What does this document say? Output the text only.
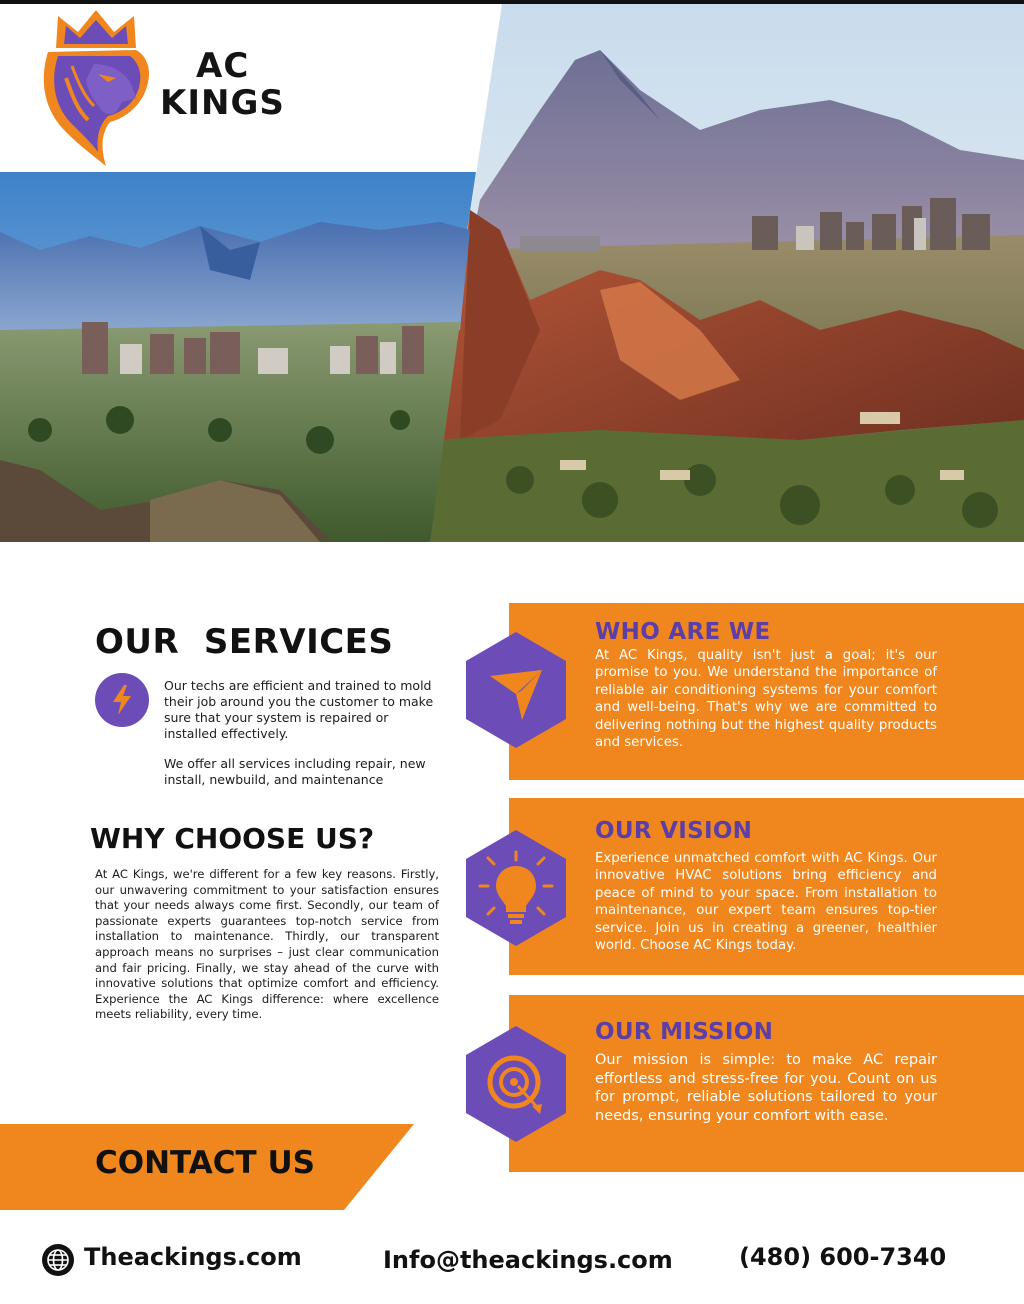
AC
KINGS
OUR  SERVICES

Our techs are efficient and trained to mold their job around you the customer to make sure that your system is repaired or installed effectively.

We offer all services including repair, new install, newbuild, and maintenance

WHY CHOOSE US?

At AC Kings, we're different for a few key reasons. Firstly, our unwavering commitment to your satisfaction ensures that your needs always come first. Secondly, our team of passionate experts guarantees top-notch service from installation to maintenance. Thirdly, our transparent approach means no surprises – just clear communication and fair pricing. Finally, we stay ahead of the curve with innovative solutions that optimize comfort and efficiency. Experience the AC Kings difference: where excellence meets reliability, every time.

CONTACT US
WHO ARE WE

At AC Kings, quality isn't just a goal; it's our promise to you. We understand the importance of reliable air conditioning systems for your comfort and well-being. That's why we are committed to delivering nothing but the highest quality products and services.

OUR VISION

Experience unmatched comfort with AC Kings. Our innovative HVAC solutions bring efficiency and peace of mind to your space. From installation to maintenance, our expert team ensures top-tier service. Join us in creating a greener, healthier world. Choose AC Kings today.

OUR MISSION

Our mission is simple: to make AC repair effortless and stress-free for you. Count on us for prompt, reliable solutions tailored to your needs, ensuring your comfort with ease.

Theackings.com	Info@theackings.com	(480) 600-7340
